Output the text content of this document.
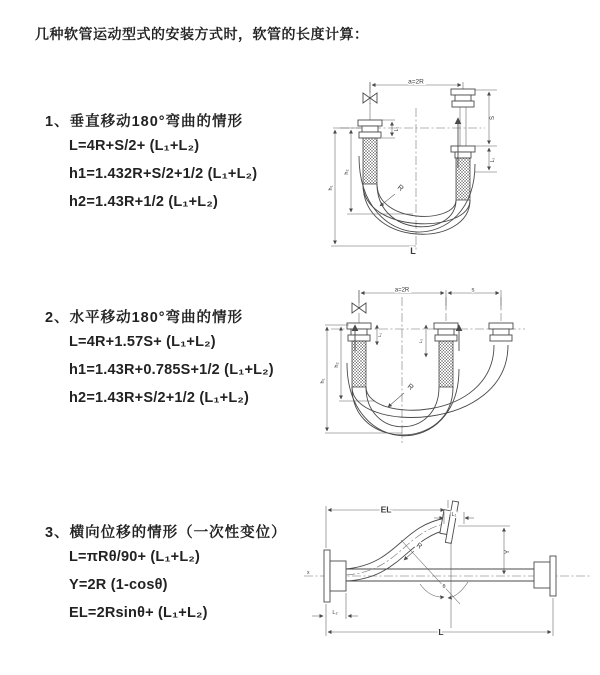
几种软管运动型式的安装方式时，软管的长度计算：
1、垂直移动180°弯曲的情形
L=4R+S/2+ (L₁+L₂)
h1=1.432R+S/2+1/2 (L₁+L₂)
h2=1.43R+1/2 (L₁+L₂)
2、水平移动180°弯曲的情形
L=4R+1.57S+ (L₁+L₂)
h1=1.43R+0.785S+1/2 (L₁+L₂)
h2=1.43R+S/2+1/2 (L₁+L₂)
3、横向位移的情形（一次性变位）
L=πRθ/90+ (L₁+L₂)
Y=2R (1-cosθ)
EL=2Rsinθ+ (L₁+L₂)
a=2R
L₁
S
L₂
h₂
h₁	R
L
a=2R	s
L₁
L₂
h₂
h₁
R
x
EL
L₁
Y
R
θ
L
L₂
